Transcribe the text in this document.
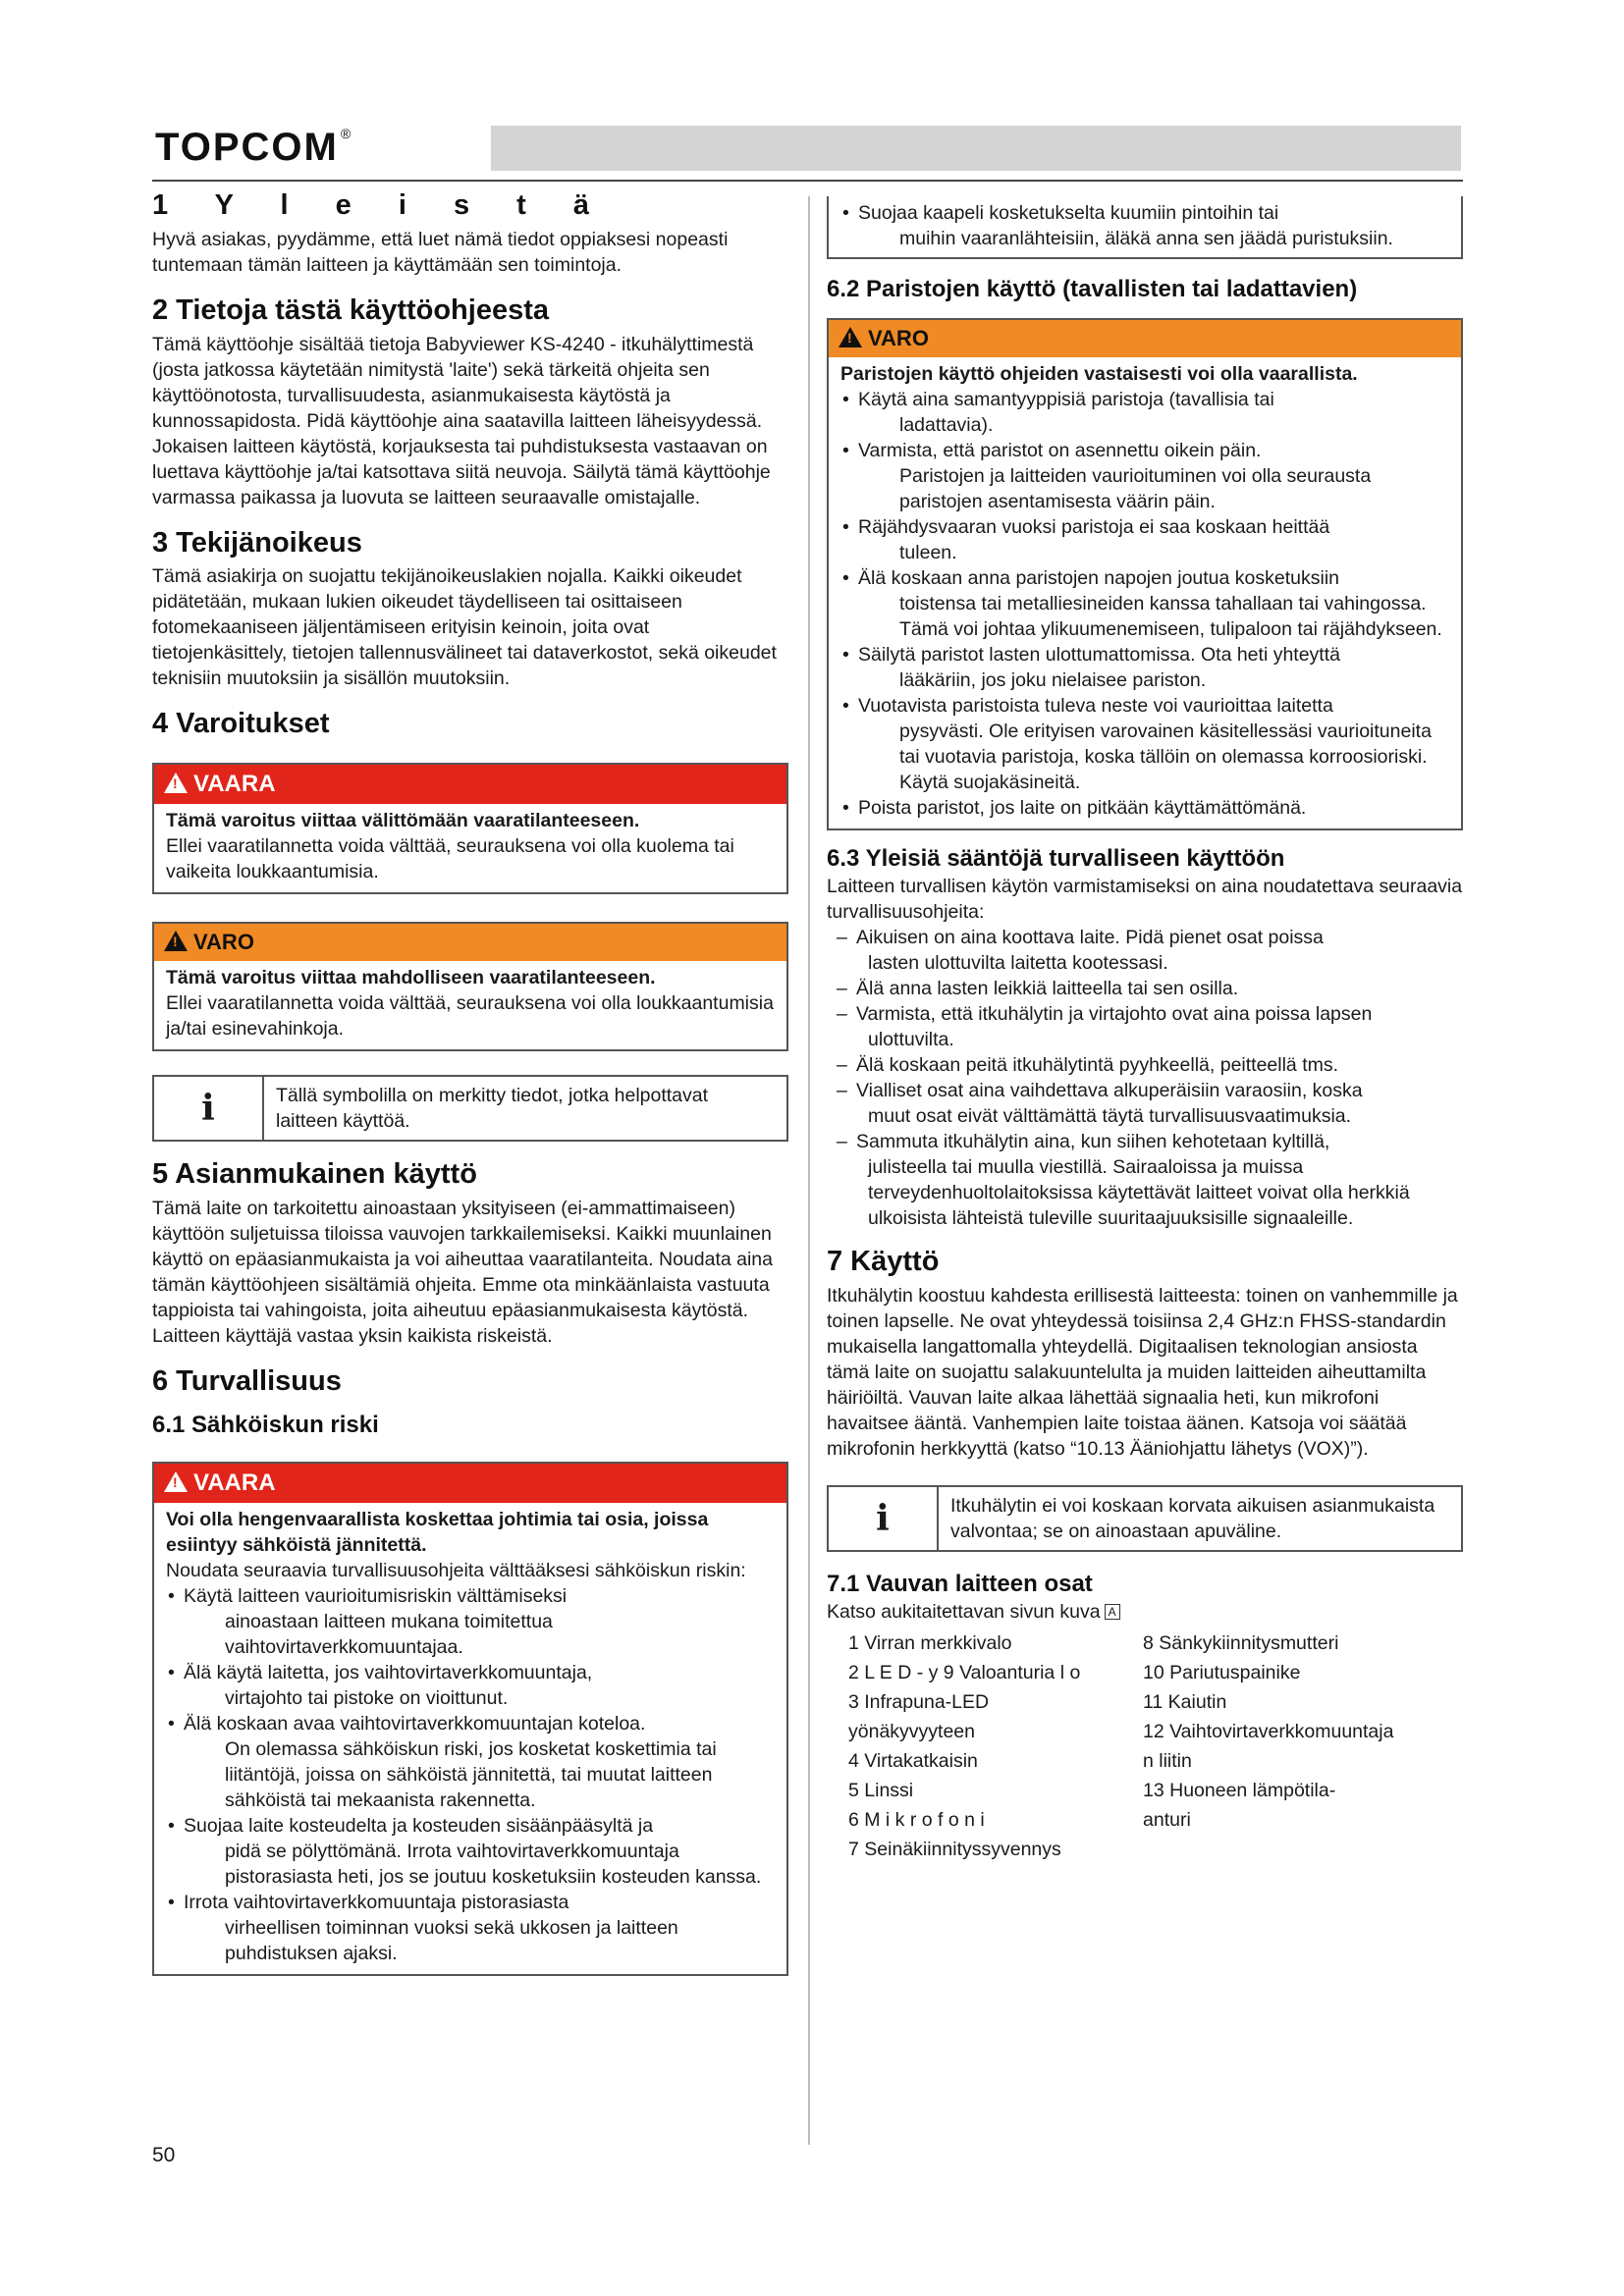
TOPCOM ®
1 Y l e i s t ä

Hyvä asiakas, pyydämme, että luet nämä tiedot oppiaksesi nopeasti tuntemaan tämän laitteen ja käyttämään sen toimintoja.

2 Tietoja tästä käyttöohjeesta

Tämä käyttöohje sisältää tietoja Babyviewer KS-4240 - itkuhälyttimestä (josta jatkossa käytetään nimitystä 'laite') sekä tärkeitä ohjeita sen käyttöönotosta, turvallisuudesta, asianmukaisesta käytöstä ja kunnossapidosta. Pidä käyttöohje aina saatavilla laitteen läheisyydessä. Jokaisen laitteen käytöstä, korjauksesta tai puhdistuksesta vastaavan on luettava käyttöohje ja/tai katsottava siitä neuvoja. Säilytä tämä käyttöohje varmassa paikassa ja luovuta se laitteen seuraavalle omistajalle.

3 Tekijänoikeus

Tämä asiakirja on suojattu tekijänoikeuslakien nojalla. Kaikki oikeudet pidätetään, mukaan lukien oikeudet täydelliseen tai osittaiseen fotomekaaniseen jäljentämiseen erityisin keinoin, joita ovat tietojenkäsittely, tietojen tallennusvälineet tai dataverkostot, sekä oikeudet teknisiin muutoksiin ja sisällön muutoksiin.

4 Varoitukset
!VAARA

Tämä varoitus viittaa välittömään vaaratilanteeseen.

Ellei vaaratilannetta voida välttää, seurauksena voi olla kuolema tai vaikeita loukkaantumisia.

!VARO

Tämä varoitus viittaa mahdolliseen vaaratilanteeseen.

Ellei vaaratilannetta voida välttää, seurauksena voi olla loukkaantumisia ja/tai esinevahinkoja.

i	Tällä symbolilla on merkitty tiedot, jotka helpottavat laitteen käyttöä.

5 Asianmukainen käyttö

Tämä laite on tarkoitettu ainoastaan yksityiseen (ei-ammattimaiseen) käyttöön suljetuissa tiloissa vauvojen tarkkailemiseksi. Kaikki muunlainen käyttö on epäasianmukaista ja voi aiheuttaa vaaratilanteita. Noudata aina tämän käyttöohjeen sisältämiä ohjeita. Emme ota minkäänlaista vastuuta tappioista tai vahingoista, joita aiheutuu epäasianmukaisesta käytöstä. Laitteen käyttäjä vastaa yksin kaikista riskeistä.

6 Turvallisuus
6.1 Sähköiskun riski
!VAARA

Voi olla hengenvaarallista koskettaa johtimia tai osia, joissa esiintyy sähköistä jännitettä.

Noudata seuraavia turvallisuusohjeita välttääksesi sähköiskun riskin:

• Käytä laitteen vaurioitumisriskin välttämiseksi
ainoastaan laitteen mukana toimitettua vaihtovirtaverkkomuuntajaa.
• Älä käytä laitetta, jos vaihtovirtaverkkomuuntaja,
virtajohto tai pistoke on vioittunut.
• Älä koskaan avaa vaihtovirtaverkkomuuntajan koteloa.
On olemassa sähköiskun riski, jos kosketat koskettimia tai liitäntöjä, joissa on sähköistä jännitettä, tai muutat laitteen sähköistä tai mekaanista rakennetta.
• Suojaa laite kosteudelta ja kosteuden sisäänpääsyltä ja
pidä se pölyttömänä. Irrota vaihtovirtaverkkomuuntaja pistorasiasta heti, jos se joutuu kosketuksiin kosteuden kanssa.
• Irrota vaihtovirtaverkkomuuntaja pistorasiasta
virheellisen toiminnan vuoksi sekä ukkosen ja laitteen puhdistuksen ajaksi.
• Suojaa kaapeli kosketukselta kuumiin pintoihin tai
muihin vaaranlähteisiin, äläkä anna sen jäädä puristuksiin.
6.2 Paristojen käyttö (tavallisten tai ladattavien)
!VARO

Paristojen käyttö ohjeiden vastaisesti voi olla vaarallista.

• Käytä aina samantyyppisiä paristoja (tavallisia tai
ladattavia).
• Varmista, että paristot on asennettu oikein päin.
Paristojen ja laitteiden vaurioituminen voi olla seurausta paristojen asentamisesta väärin päin.
• Räjähdysvaaran vuoksi paristoja ei saa koskaan heittää
tuleen.
• Älä koskaan anna paristojen napojen joutua kosketuksiin
toistensa tai metalliesineiden kanssa tahallaan tai vahingossa. Tämä voi johtaa ylikuumenemiseen, tulipaloon tai räjähdykseen.
• Säilytä paristot lasten ulottumattomissa. Ota heti yhteyttä
lääkäriin, jos joku nielaisee pariston.
• Vuotavista paristoista tuleva neste voi vaurioittaa laitetta
pysyvästi. Ole erityisen varovainen käsitellessäsi vaurioituneita tai vuotavia paristoja, koska tällöin on olemassa korroosioriski. Käytä suojakäsineitä.
• Poista paristot, jos laite on pitkään käyttämättömänä.
6.3 Yleisiä sääntöjä turvalliseen käyttöön

Laitteen turvallisen käytön varmistamiseksi on aina noudatettava seuraavia turvallisuusohjeita:

– Aikuisen on aina koottava laite. Pidä pienet osat poissa
lasten ulottuvilta laitetta kootessasi.
– Älä anna lasten leikkiä laitteella tai sen osilla.
– Varmista, että itkuhälytin ja virtajohto ovat aina poissa lapsen
ulottuvilta.
– Älä koskaan peitä itkuhälytintä pyyhkeellä, peitteellä tms.
– Vialliset osat aina vaihdettava alkuperäisiin varaosiin, koska
muut osat eivät välttämättä täytä turvallisuusvaatimuksia.
– Sammuta itkuhälytin aina, kun siihen kehotetaan kyltillä,
julisteella tai muulla viestillä. Sairaaloissa ja muissa terveydenhuoltolaitoksissa käytettävät laitteet voivat olla herkkiä ulkoisista lähteistä tuleville suuritaajuuksisille signaaleille.
7 Käyttö

Itkuhälytin koostuu kahdesta erillisestä laitteesta: toinen on vanhemmille ja toinen lapselle. Ne ovat yhteydessä toisiinsa 2,4 GHz:n FHSS-standardin mukaisella langattomalla yhteydellä. Digitaalisen teknologian ansiosta tämä laite on suojattu salakuuntelulta ja muiden laitteiden aiheuttamilta häiriöiltä. Vauvan laite alkaa lähettää signaalia heti, kun mikrofoni havaitsee ääntä. Vanhempien laite toistaa äänen. Katsoja voi säätää mikrofonin herkkyyttä (katso “10.13 Ääniohjattu lähetys (VOX)”).

i	Itkuhälytin ei voi koskaan korvata aikuisen asianmukaista valvontaa; se on ainoastaan apuväline.

7.1 Vauvan laitteen osat

Katso aukitaitettavan sivun kuva A

1 Virran merkkivalo	8 Sänkykiinnitysmutteri
2 L E D - y 9 Valoanturia l o	10 Pariutuspainike
3 Infrapuna-LED	11 Kaiutin
yönäkyvyyteen	12 Vaihtovirtaverkkomuuntaja
4 Virtakatkaisin	n liitin
5 Linssi	13 Huoneen lämpötila-
6 M i k r o f o n i	anturi
7 Seinäkiinnityssyvennys
50
